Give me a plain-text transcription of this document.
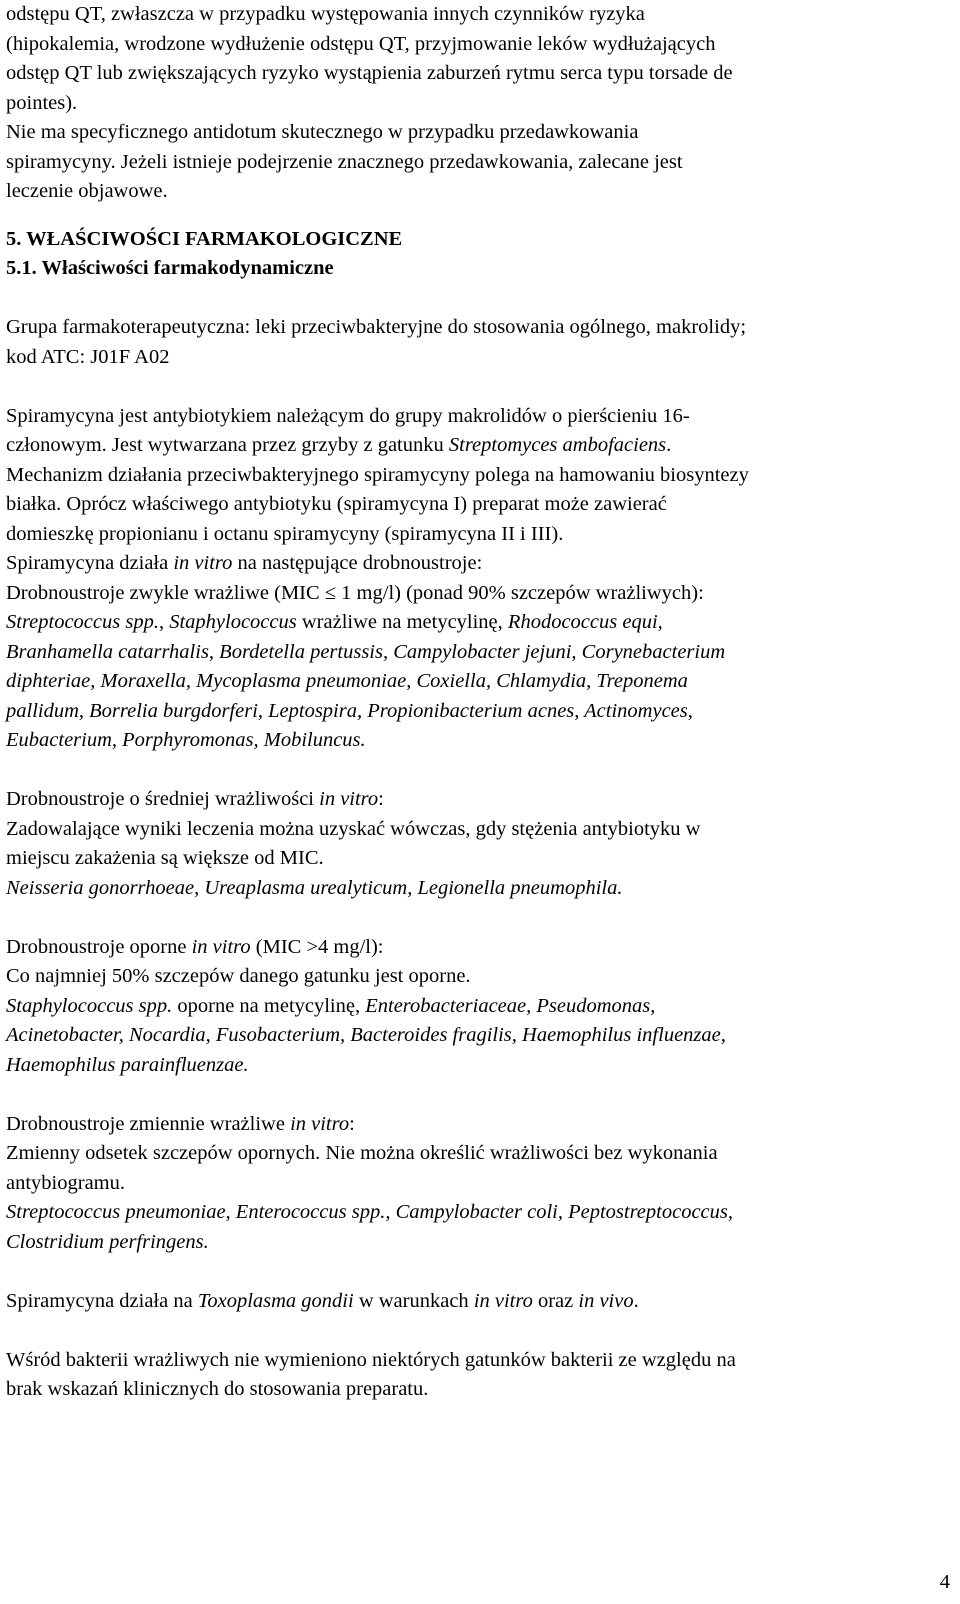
odstępu QT, zwłaszcza w przypadku występowania innych czynników ryzyka
(hipokalemia, wrodzone wydłużenie odstępu QT, przyjmowanie leków wydłużających
odstęp QT lub zwiększających ryzyko wystąpienia zaburzeń rytmu serca typu torsade de
pointes).
Nie ma specyficznego antidotum skutecznego w przypadku przedawkowania
spiramycyny. Jeżeli istnieje podejrzenie znacznego przedawkowania, zalecane jest
leczenie objawowe.
5. WŁAŚCIWOŚCI FARMAKOLOGICZNE
5.1. Właściwości farmakodynamiczne
Grupa farmakoterapeutyczna: leki przeciwbakteryjne do stosowania ogólnego, makrolidy;
kod ATC: J01F A02
Spiramycyna jest antybiotykiem należącym do grupy makrolidów o pierścieniu 16-
członowym. Jest wytwarzana przez grzyby z gatunku Streptomyces ambofaciens.
Mechanizm działania przeciwbakteryjnego spiramycyny polega na hamowaniu biosyntezy
białka. Oprócz właściwego antybiotyku (spiramycyna I) preparat może zawierać
domieszkę propionianu i octanu spiramycyny (spiramycyna II i III).
Spiramycyna działa in vitro na następujące drobnoustroje:
Drobnoustroje zwykle wrażliwe (MIC ≤ 1 mg/l) (ponad 90% szczepów wrażliwych):
Streptococcus spp., Staphylococcus wrażliwe na metycylinę, Rhodococcus equi,
Branhamella catarrhalis, Bordetella pertussis, Campylobacter jejuni, Corynebacterium
diphteriae, Moraxella, Mycoplasma pneumoniae, Coxiella, Chlamydia, Treponema
pallidum, Borrelia burgdorferi, Leptospira, Propionibacterium acnes, Actinomyces,
Eubacterium, Porphyromonas, Mobiluncus.
Drobnoustroje o średniej wrażliwości in vitro:
Zadowalające wyniki leczenia można uzyskać wówczas, gdy stężenia antybiotyku w
miejscu zakażenia są większe od MIC.
Neisseria gonorrhoeae, Ureaplasma urealyticum, Legionella pneumophila.
Drobnoustroje oporne in vitro (MIC >4 mg/l):
Co najmniej 50% szczepów danego gatunku jest oporne.
Staphylococcus spp. oporne na metycylinę, Enterobacteriaceae, Pseudomonas,
Acinetobacter, Nocardia, Fusobacterium, Bacteroides fragilis, Haemophilus influenzae,
Haemophilus parainfluenzae.
Drobnoustroje zmiennie wrażliwe in vitro:
Zmienny odsetek szczepów opornych. Nie można określić wrażliwości bez wykonania
antybiogramu.
Streptococcus pneumoniae, Enterococcus spp., Campylobacter coli, Peptostreptococcus,
Clostridium perfringens.
Spiramycyna działa na Toxoplasma gondii w warunkach in vitro oraz in vivo.
Wśród bakterii wrażliwych nie wymieniono niektórych gatunków bakterii ze względu na
brak wskazań klinicznych do stosowania preparatu.
4
